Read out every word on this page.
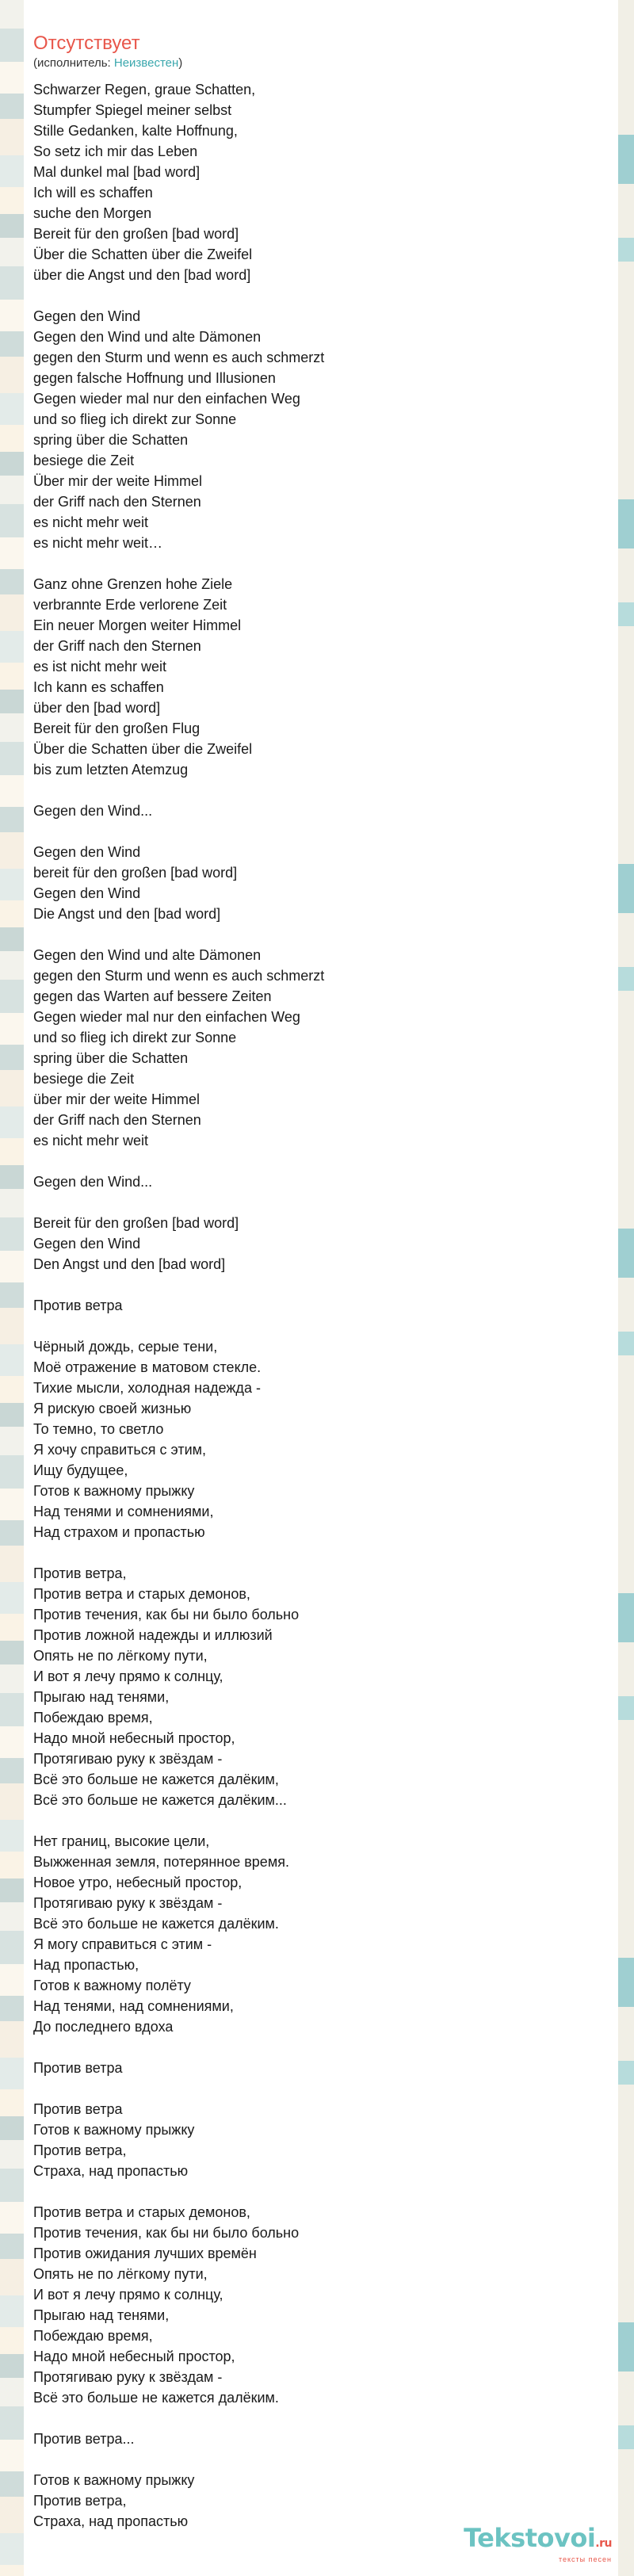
Отсутствует
(исполнитель: Неизвестен)
Schwarzer Regen, graue Schatten,
Stumpfer Spiegel meiner selbst
Stille Gedanken, kalte Hoffnung,
So setz ich mir das Leben
Mal dunkel mal [bad word]
Ich will es schaffen
suche den Morgen
Bereit für den großen [bad word]
Über die Schatten über die Zweifel
über die Angst und den [bad word]
Gegen den Wind
Gegen den Wind und alte Dämonen
gegen den Sturm und wenn es auch schmerzt
gegen falsche Hoffnung und Illusionen
Gegen wieder mal nur den einfachen Weg
und so flieg ich direkt zur Sonne
spring über die Schatten
besiege die Zeit
Über mir der weite Himmel
der Griff nach den Sternen
es nicht mehr weit
es nicht mehr weit…
Ganz ohne Grenzen hohe Ziele
verbrannte Erde verlorene Zeit
Ein neuer Morgen weiter Himmel
der Griff nach den Sternen
es ist nicht mehr weit
Ich kann es schaffen
über den [bad word]
Bereit für den großen Flug
Über die Schatten über die Zweifel
bis zum letzten Atemzug
Gegen den Wind...
Gegen den Wind
bereit für den großen [bad word]
Gegen den Wind
Die Angst und den [bad word]
Gegen den Wind und alte Dämonen
gegen den Sturm und wenn es auch schmerzt
gegen das Warten auf bessere Zeiten
Gegen wieder mal nur den einfachen Weg
und so flieg ich direkt zur Sonne
spring über die Schatten
besiege die Zeit
über mir der weite Himmel
der Griff nach den Sternen
es nicht mehr weit
Gegen den Wind...
Bereit für den großen [bad word]
Gegen den Wind
Den Angst und den [bad word]
Против ветра
Чёрный дождь, серые тени,
Моё отражение в матовом стекле.
Тихие мысли, холодная надежда -
Я рискую своей жизнью
То темно, то светло
Я хочу справиться с этим,
Ищу будущее,
Готов к важному прыжку
Над тенями и сомнениями,
Над страхом и пропастью
Против ветра,
Против ветра и старых демонов,
Против течения, как бы ни было больно
Против ложной надежды и иллюзий
Опять не по лёгкому пути,
И вот я лечу прямо к солнцу,
Прыгаю над тенями,
Побеждаю время,
Надо мной небесный простор,
Протягиваю руку к звёздам -
Всё это больше не кажется далёким,
Всё это больше не кажется далёким...
Нет границ, высокие цели,
Выжженная земля, потерянное время.
Новое утро, небесный простор,
Протягиваю руку к звёздам -
Всё это больше не кажется далёким.
Я могу справиться с этим -
Над пропастью,
Готов к важному полёту
Над тенями, над сомнениями,
До последнего вдоха
Против ветра
Против ветра
Готов к важному прыжку
Против ветра,
Страха, над пропастью
Против ветра и старых демонов,
Против течения, как бы ни было больно
Против ожидания лучших времён
Опять не по лёгкому пути,
И вот я лечу прямо к солнцу,
Прыгаю над тенями,
Побеждаю время,
Надо мной небесный простор,
Протягиваю руку к звёздам -
Всё это больше не кажется далёким.
Против ветра...
Готов к важному прыжку
Против ветра,
Страха, над пропастью
Tekstovoi.ru
тексты песен
